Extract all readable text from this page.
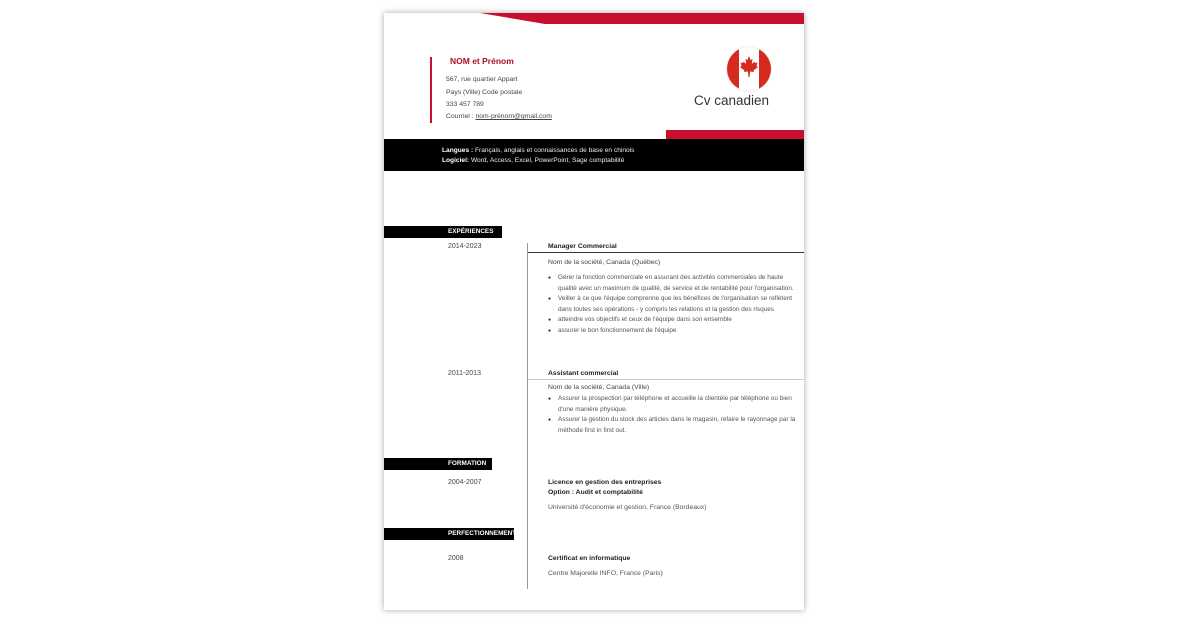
NOM et Prénom
567, rue quartier Appart
Pays (Ville) Code postale
333 457 789
Courriel : nom-prénom@gmail.com
Cv canadien
Langues : Français, anglais et connaissances de base en chinois
Logiciel: Word, Access, Excel, PowerPoint, Sage comptabilité
EXPÉRIENCES
2014-2023	Manager Commercial
Nom de la société, Canada (Québec)
● Gérer la fonction commerciale en assurant des activités commerciales de haute qualité avec un maximum de qualité, de service et de rentabilité pour l'organisation.
● Veiller à ce que l'équipe comprenne que les bénéfices de l'organisation se reflètent dans toutes ses opérations - y compris les relations et la gestion des risques
● atteindre vos objectifs et ceux de l'équipe dans son ensemble
● assurer le bon fonctionnement de l'équipe
2011-2013	Assistant commercial
Nom de la société, Canada (Ville)
● Assurer la prospection par téléphone et accueille la clientèle par téléphone ou bien d'une manière physique.
● Assurer la gestion du stock des articles dans le magasin, refaire le rayonnage par la méthode first in first out.
FORMATION
2004-2007	Licence en gestion des entreprises
Option : Audit et comptabilité
Université d'économie et gestion, France (Bordeaux)
PERFECTIONNEMENT
2008	Certificat en informatique
Centre Majorelle INFO, France (Paris)
